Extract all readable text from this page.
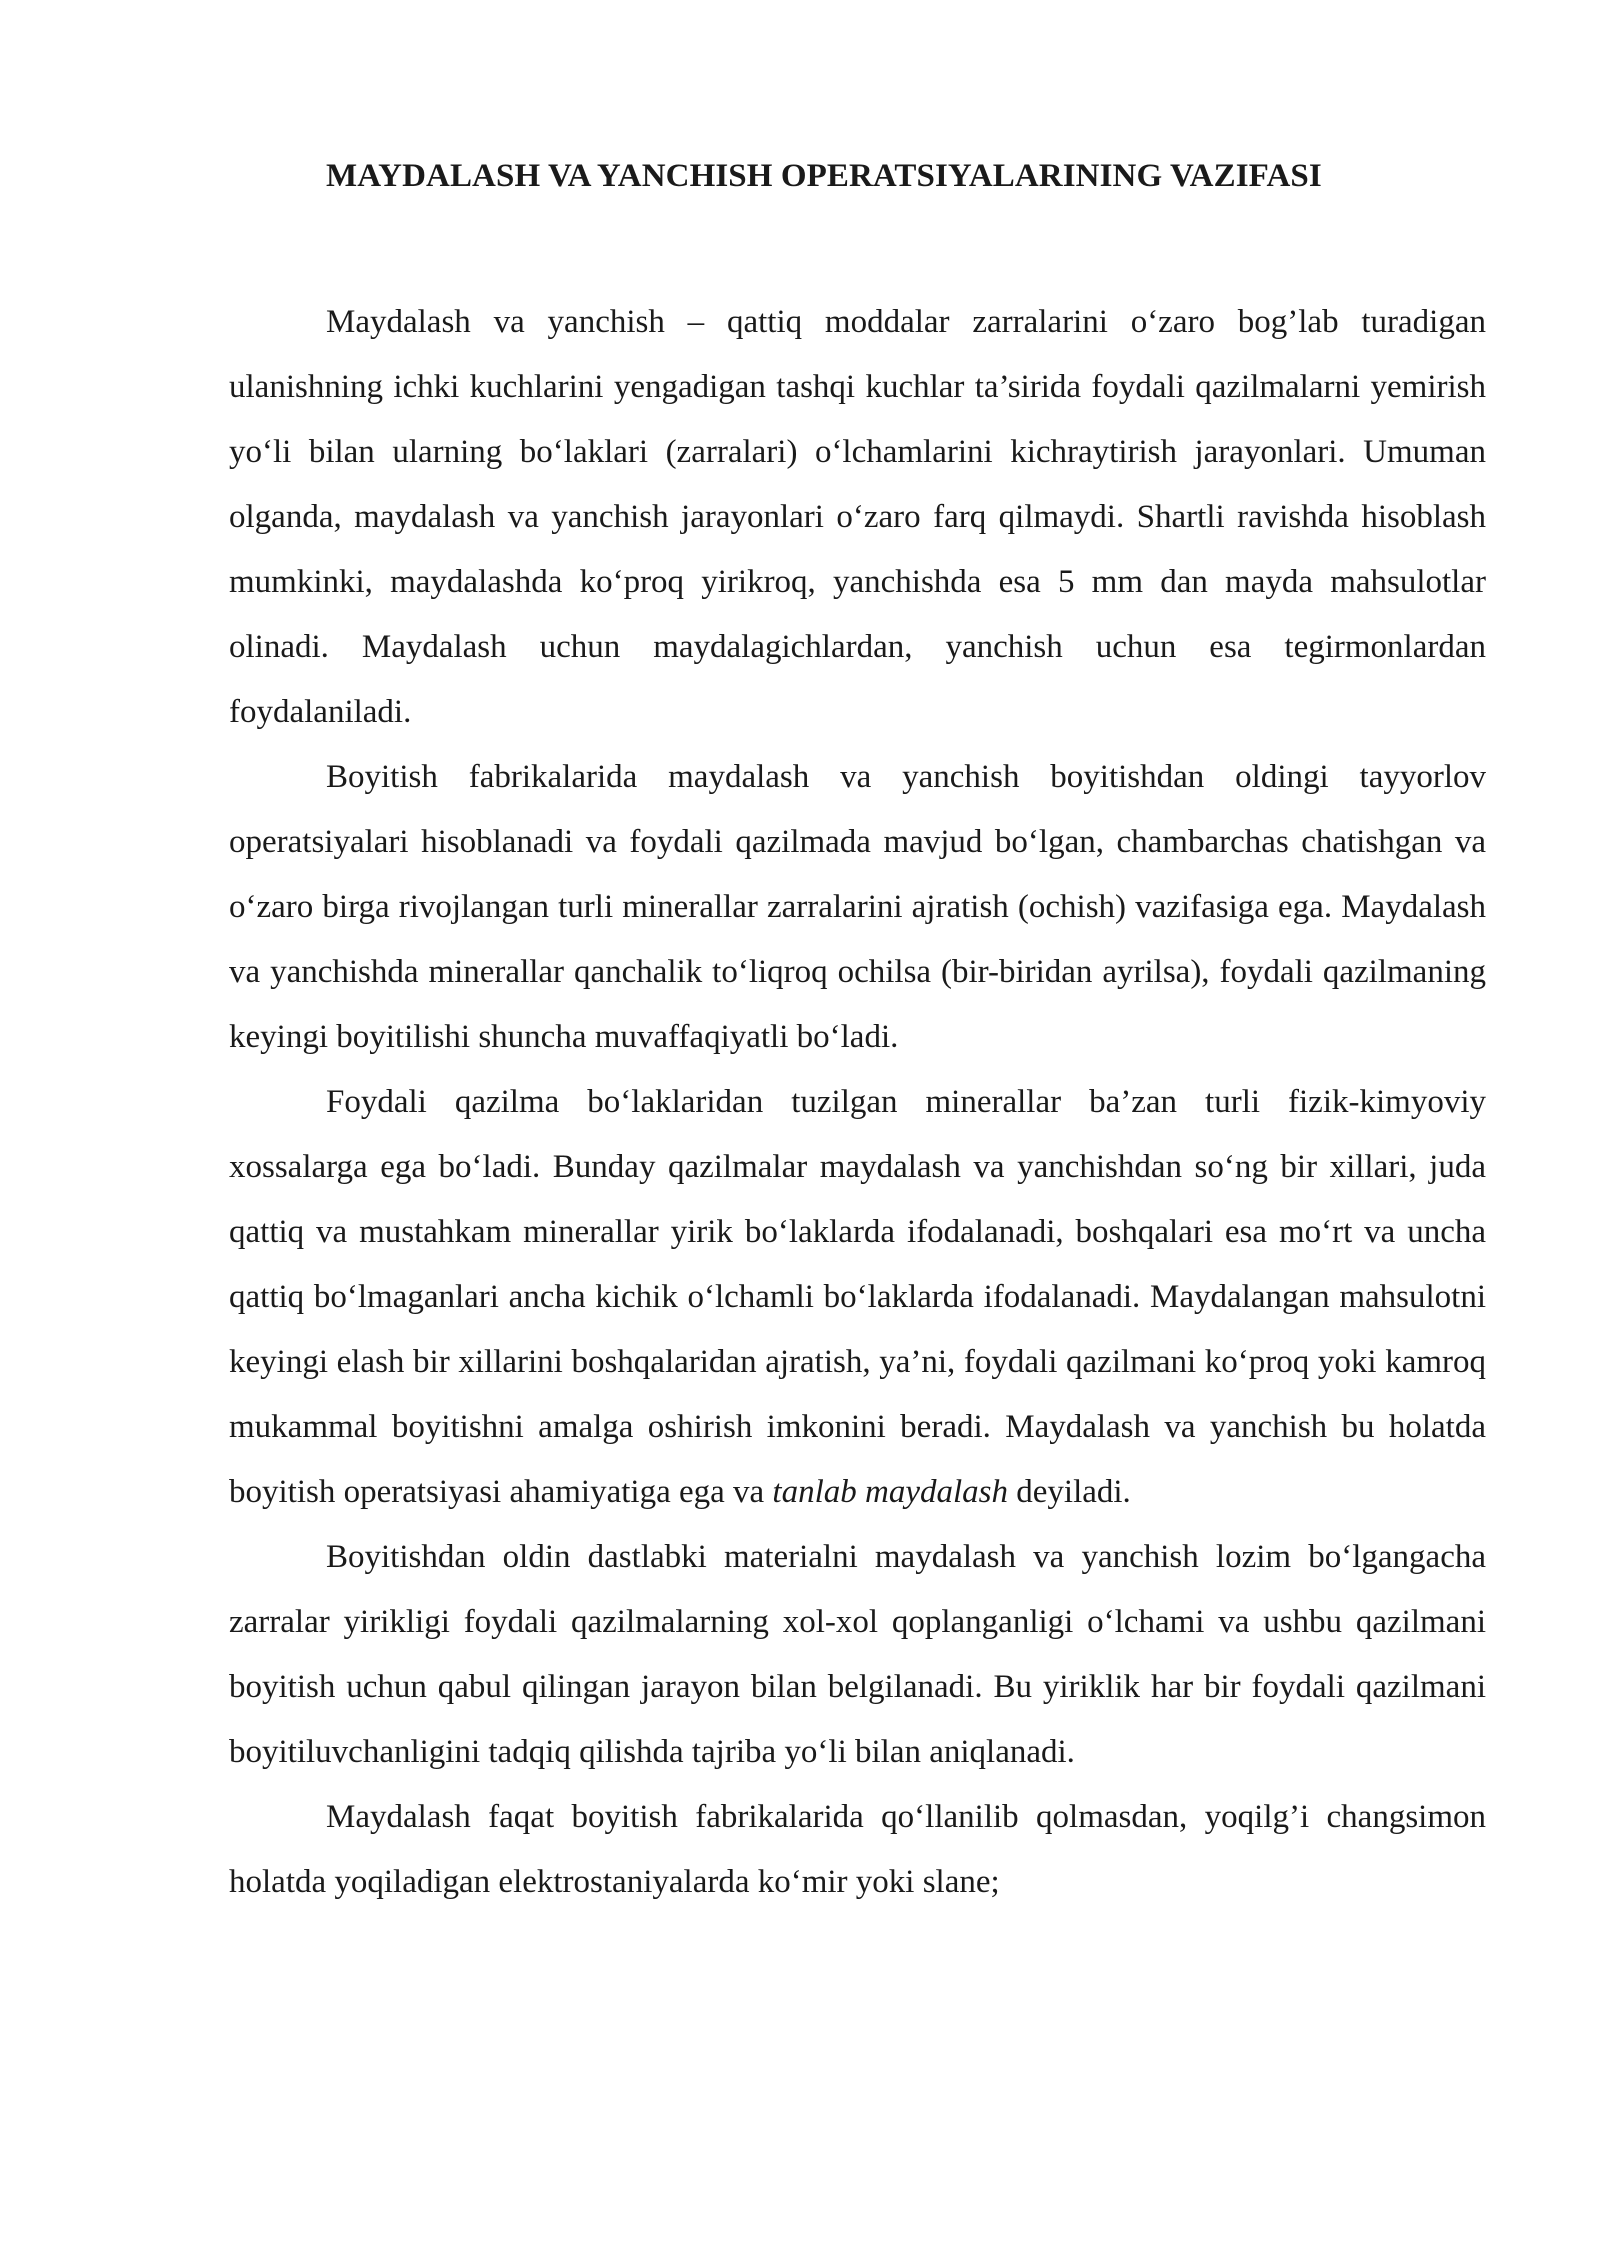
MAYDALASH VA YANCHISH OPERATSIYALARINING VAZIFASI

Maydalash va yanchish – qattiq moddalar zarralarini o‘zaro bog’lab turadigan ulanishning ichki kuchlarini yengadigan tashqi kuchlar ta’sirida foydali qazilmalarni yemirish yo‘li bilan ularning bo‘laklari (zarralari) o‘lchamlarini kichraytirish jarayonlari. Umuman olganda, maydalash va yanchish jarayonlari o‘zaro farq qilmaydi. Shartli ravishda hisoblash mumkinki, maydalashda ko‘proq yirikroq, yanchishda esa 5 mm dan mayda mahsulotlar olinadi. Maydalash uchun maydalagichlardan, yanchish uchun esa tegirmonlardan foydalaniladi.

Boyitish fabrikalarida maydalash va yanchish boyitishdan oldingi tayyorlov operatsiyalari hisoblanadi va foydali qazilmada mavjud bo‘lgan, chambarchas chatishgan va o‘zaro birga rivojlangan turli minerallar zarralarini ajratish (ochish) vazifasiga ega. Maydalash va yanchishda minerallar qanchalik to‘liqroq ochilsa (bir-biridan ayrilsa), foydali qazilmaning keyingi boyitilishi shuncha muvaffaqiyatli bo‘ladi.

Foydali qazilma bo‘laklaridan tuzilgan minerallar ba’zan turli fizik-kimyoviy xossalarga ega bo‘ladi. Bunday qazilmalar maydalash va yanchishdan so‘ng bir xillari, juda qattiq va mustahkam minerallar yirik bo‘laklarda ifodalanadi, boshqalari esa mo‘rt va uncha qattiq bo‘lmaganlari ancha kichik o‘lchamli bo‘laklarda ifodalanadi. Maydalangan mahsulotni keyingi elash bir xillarini boshqalaridan ajratish, ya’ni, foydali qazilmani ko‘proq yoki kamroq mukammal boyitishni amalga oshirish imkonini beradi. Maydalash va yanchish bu holatda boyitish operatsiyasi ahamiyatiga ega va tanlab maydalash deyiladi.

Boyitishdan oldin dastlabki materialni maydalash va yanchish lozim bo‘lgangacha zarralar yirikligi foydali qazilmalarning xol-xol qoplanganligi o‘lchami va ushbu qazilmani boyitish uchun qabul qilingan jarayon bilan belgilanadi. Bu yiriklik har bir foydali qazilmani boyitiluvchanligini tadqiq qilishda tajriba yo‘li bilan aniqlanadi.

Maydalash faqat boyitish fabrikalarida qo‘llanilib qolmasdan, yoqilg’i changsimon holatda yoqiladigan elektrostaniyalarda ko‘mir yoki slane;
